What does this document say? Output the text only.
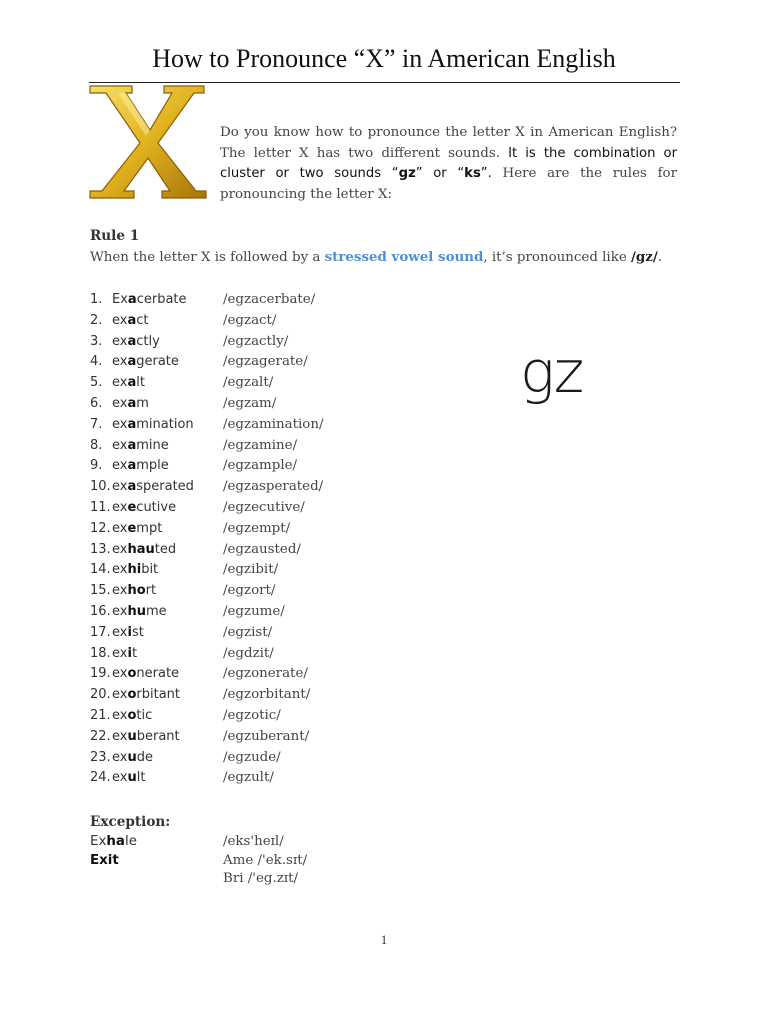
How to Pronounce “X” in American English
X
Do you know how to pronounce the letter X in American English? The letter X has two different sounds. It is the combination or cluster or two sounds “gz” or “ks”. Here are the rules for pronouncing the letter X:
Rule 1
When the letter X is followed by a stressed vowel sound, it’s pronounced like /gz/.
1. Exacerbate	/egzacerbate/
2. exact	/egzact/
3. exactly	/egzactly/
4. exagerate	/egzagerate/
5. exalt	/egzalt/
6. exam	/egzam/
7. examination /egzamination/
8. examine	/egzamine/
9. example	/egzample/
10. exasperated /egzasperated/
11. executive	/egzecutive/
12. exempt	/egzempt/
13. exhauted	/egzausted/
14. exhibit	/egzibit/
15. exhort	/egzort/
16. exhume	/egzume/
17. exist	/egzist/
18. exit	/egdzit/
19. exonerate	/egzonerate/
20. exorbitant	/egzorbitant/
21. exotic	/egzotic/
22. exuberant	/egzuberant/
23. exude	/egzude/
24. exult	/egzult/
gz
Exception:
Exhale	/eks'heɪl/
Exit	Ame /'ek.sɪt/
Bri /'eg.zɪt/
1
